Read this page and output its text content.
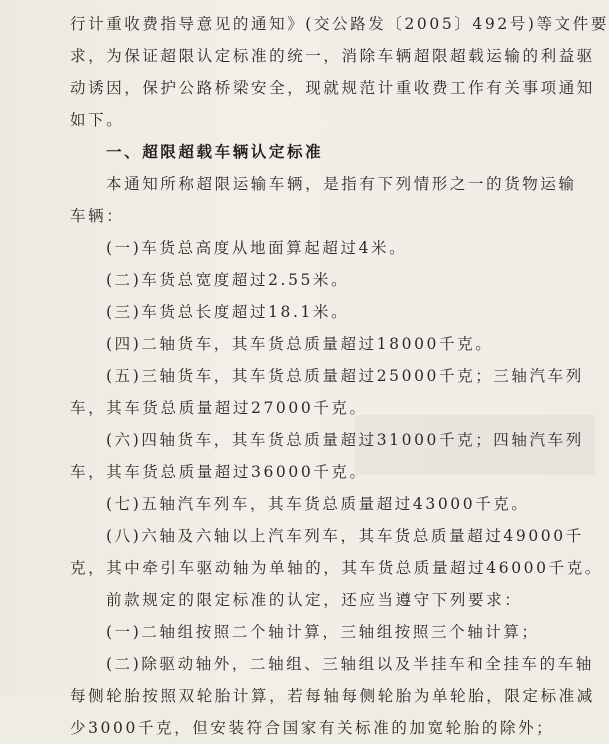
行计重收费指导意见的通知》(交公路发〔2005〕492号)等文件要
求，为保证超限认定标准的统一，消除车辆超限超载运输的利益驱
动诱因，保护公路桥梁安全，现就规范计重收费工作有关事项通知
如下。
一、超限超载车辆认定标准
本通知所称超限运输车辆，是指有下列情形之一的货物运输
车辆：
(一)车货总高度从地面算起超过4米。
(二)车货总宽度超过2.55米。
(三)车货总长度超过18.1米。
(四)二轴货车，其车货总质量超过18000千克。
(五)三轴货车，其车货总质量超过25000千克；三轴汽车列
车，其车货总质量超过27000千克。
(六)四轴货车，其车货总质量超过31000千克；四轴汽车列
车，其车货总质量超过36000千克。
(七)五轴汽车列车，其车货总质量超过43000千克。
(八)六轴及六轴以上汽车列车，其车货总质量超过49000千
克，其中牵引车驱动轴为单轴的，其车货总质量超过46000千克。
前款规定的限定标准的认定，还应当遵守下列要求：
(一)二轴组按照二个轴计算，三轴组按照三个轴计算；
(二)除驱动轴外，二轴组、三轴组以及半挂车和全挂车的车轴
每侧轮胎按照双轮胎计算，若每轴每侧轮胎为单轮胎，限定标准减
少3000千克，但安装符合国家有关标准的加宽轮胎的除外；
